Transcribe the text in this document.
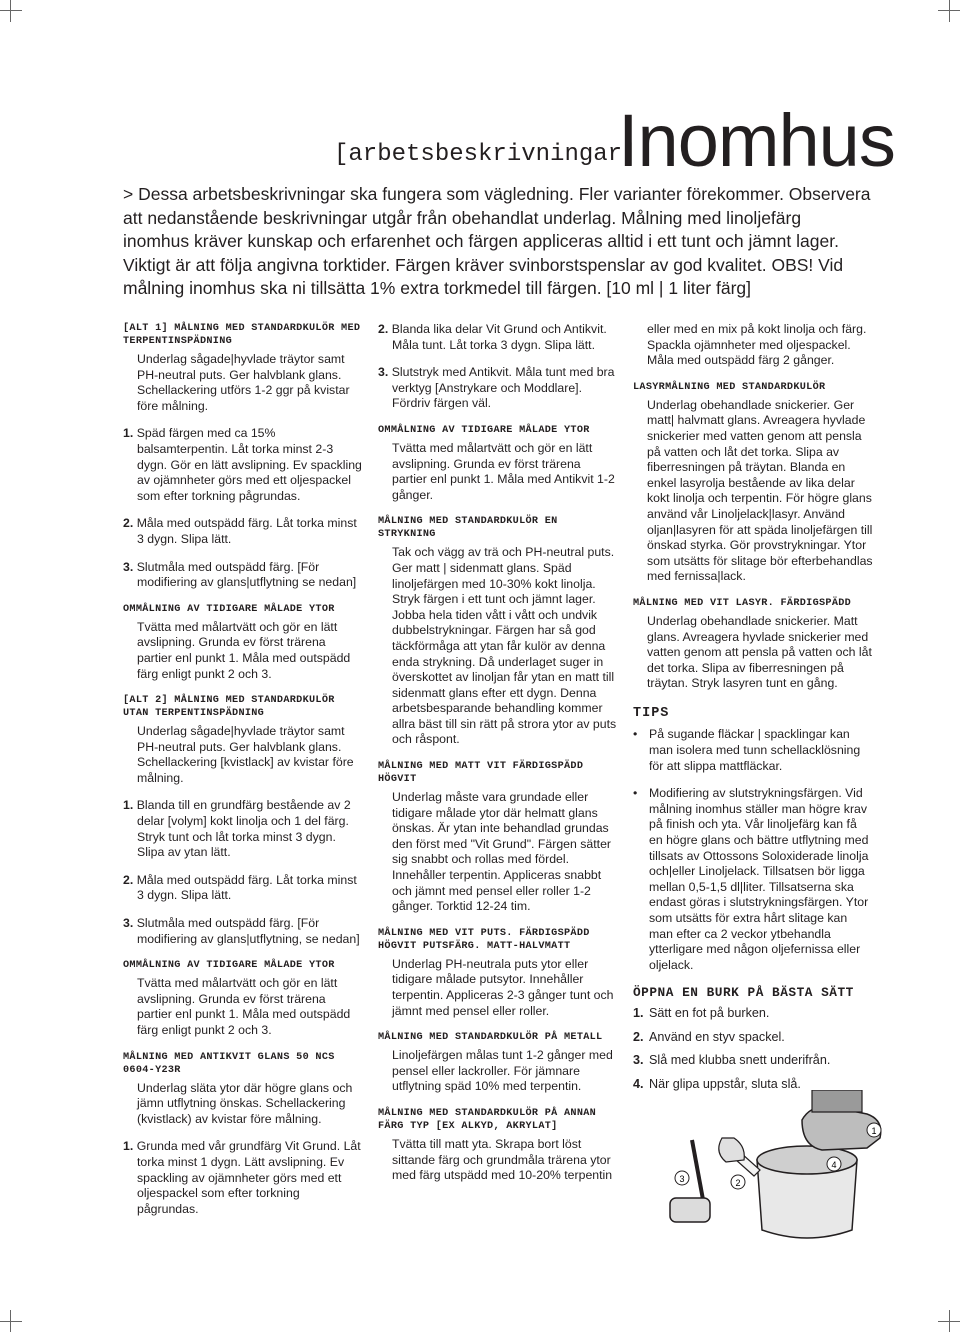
[arbetsbeskrivningar]
Inomhus
> Dessa arbetsbeskrivningar ska fungera som vägledning. Fler varianter förekommer. Observera att nedanstående beskrivningar utgår från obehandlat underlag. Målning med linoljefärg inomhus kräver kunskap och erfarenhet och färgen appliceras alltid i ett tunt och jämnt lager. Viktigt är att följa angivna torktider. Färgen kräver svinborstspenslar av god kvalitet. OBS! Vid målning inomhus ska ni tillsätta 1% extra torkmedel till färgen. [10 ml | 1 liter färg]
[ALT 1] MÅLNING MED STANDARDKULÖR MED TERPENTINSPÄDNING
Underlag sågade|hyvlade träytor samt PH-neutral puts. Ger halvblank glans. Schellackering utförs 1-2 ggr på kvistar före målning.
1. Späd färgen med ca 15% balsamterpentin. Låt torka minst 2-3 dygn. Gör en lätt avslipning. Ev spackling av ojämnheter görs med ett oljespackel som efter torkning pågrundas.
2. Måla med outspädd färg. Låt torka minst 3 dygn. Slipa lätt.
3. Slutmåla med outspädd färg. [För modifiering av glans|utflytning se nedan]
OMMÅLNING AV TIDIGARE MÅLADE YTOR
Tvätta med målartvätt och gör en lätt avslipning. Grunda ev först trärena partier enl punkt 1. Måla med outspädd färg enligt punkt 2 och 3.
[ALT 2] MÅLNING MED STANDARDKULÖR UTAN TERPENTINSPÄDNING
Underlag sågade|hyvlade träytor samt PH-neutral puts. Ger halvblank glans. Schellackering [kvistlack] av kvistar före målning.
1. Blanda till en grundfärg bestående av 2 delar [volym] kokt linolja och 1 del färg. Stryk tunt och låt torka minst 3 dygn. Slipa av ytan lätt.
2. Måla med outspädd färg. Låt torka minst 3 dygn. Slipa lätt.
3. Slutmåla med outspädd färg. [För modifiering av glans|utflytning, se nedan]
OMMÅLNING AV TIDIGARE MÅLADE YTOR
Tvätta med målartvätt och gör en lätt avslipning. Grunda ev först trärena partier enl punkt 1. Måla med outspädd färg enligt punkt 2 och 3.
MÅLNING MED ANTIKVIT GLANS 50 NCS 0604-Y23R
Underlag släta ytor där högre glans och jämn utflytning önskas. Schellackering (kvistlack) av kvistar före målning.
1. Grunda med vår grundfärg Vit Grund. Låt torka minst 1 dygn. Lätt avslipning. Ev spackling av ojämnheter görs med ett oljespackel som efter torkning pågrundas.
2. Blanda lika delar Vit Grund och Antikvit. Måla tunt. Låt torka 3 dygn. Slipa lätt.
3. Slutstryk med Antikvit. Måla tunt med bra verktyg [Anstrykare och Moddlare]. Fördriv färgen väl.
OMMÅLNING AV TIDIGARE MÅLADE YTOR
Tvätta med målartvätt och gör en lätt avslipning. Grunda ev först trärena partier enl punkt 1. Måla med Antikvit 1-2 gånger.
MÅLNING MED STANDARDKULÖR EN STRYKNING
Tak och vägg av trä och PH-neutral puts. Ger matt | sidenmatt glans. Späd linoljefärgen med 10-30% kokt linolja. Stryk färgen i ett tunt och jämnt lager. Jobba hela tiden vått i vått och undvik dubbelstrykningar. Färgen har så god täckförmåga att ytan får kulör av denna enda strykning. Då underlaget suger in överskottet av linoljan får ytan en matt till sidenmatt glans efter ett dygn. Denna arbetsbesparande behandling kommer allra bäst till sin rätt på strora ytor av puts och råspont.
MÅLNING MED MATT VIT FÄRDIGSPÄDD HÖGVIT
Underlag måste vara grundade eller tidigare målade ytor där helmatt glans önskas. Är ytan inte behandlad grundas den först med "Vit Grund". Färgen sätter sig snabbt och rollas med fördel. Innehåller terpentin. Appliceras snabbt och jämnt med pensel eller roller 1-2 gånger. Torktid 12-24 tim.
MÅLNING MED VIT PUTS. FÄRDIGSPÄDD HÖGVIT PUTSFÄRG. MATT-HALVMATT
Underlag PH-neutrala puts ytor eller tidigare målade putsytor. Innehåller terpentin. Appliceras 2-3 gånger tunt och jämnt med pensel eller roller.
MÅLNING MED STANDARDKULÖR PÅ METALL
Linoljefärgen målas tunt 1-2 gånger med pensel eller lackroller. För jämnare utflytning späd 10% med terpentin.
MÅLNING MED STANDARDKULÖR PÅ ANNAN FÄRG TYP [EX ALKYD, AKRYLAT]
Tvätta till matt yta. Skrapa bort löst sittande färg och grundmåla trärena ytor med färg utspädd med 10-20% terpentin
eller med en mix på kokt linolja och färg. Spackla ojämnheter med oljespackel. Måla med outspädd färg 2 gånger.
LASYRMÅLNING MED STANDARDKULÖR
Underlag obehandlade snickerier. Ger matt| halvmatt glans. Avreagera hyvlade snickerier med vatten genom att pensla på vatten och låt det torka. Slipa av fiberresningen på träytan. Blanda en enkel lasyrolja bestående av lika delar kokt linolja och terpentin. För högre glans använd vår Linoljelack|lasyr. Använd oljan|lasyren för att späda linoljefärgen till önskad styrka. Gör provstrykningar. Ytor som utsätts för slitage bör efterbehandlas med fernissa|lack.
MÅLNING MED VIT LASYR. FÄRDIGSPÄDD
Underlag obehandlade snickerier. Matt glans. Avreagera hyvlade snickerier med vatten genom att pensla på vatten och låt det torka. Slipa av fiberresningen på träytan. Stryk lasyren tunt en gång.
TIPS
• På sugande fläckar | spacklingar kan man isolera med tunn schellacklösning för att slippa mattfläckar.
• Modifiering av slutstrykningsfärgen. Vid målning inomhus ställer man högre krav på finish och yta. Vår linoljefärg kan få en högre glans och bättre utflytning med tillsats av Ottossons Soloxiderade linolja och|eller Linoljelack. Tillsatsen bör ligga mellan 0,5-1,5 dl|liter. Tillsatserna ska endast göras i slutstrykningsfärgen. Ytor som utsätts för extra hårt slitage kan man efter ca 2 veckor ytbehandla ytterligare med någon oljefernissa eller oljelack.
ÖPPNA EN BURK PÅ BÄSTA SÄTT
1. Sätt en fot på burken.
2. Använd en styv spackel.
3. Slå med klubba snett underifrån.
4. När glipa uppstår, sluta slå.
1
2
3
4
